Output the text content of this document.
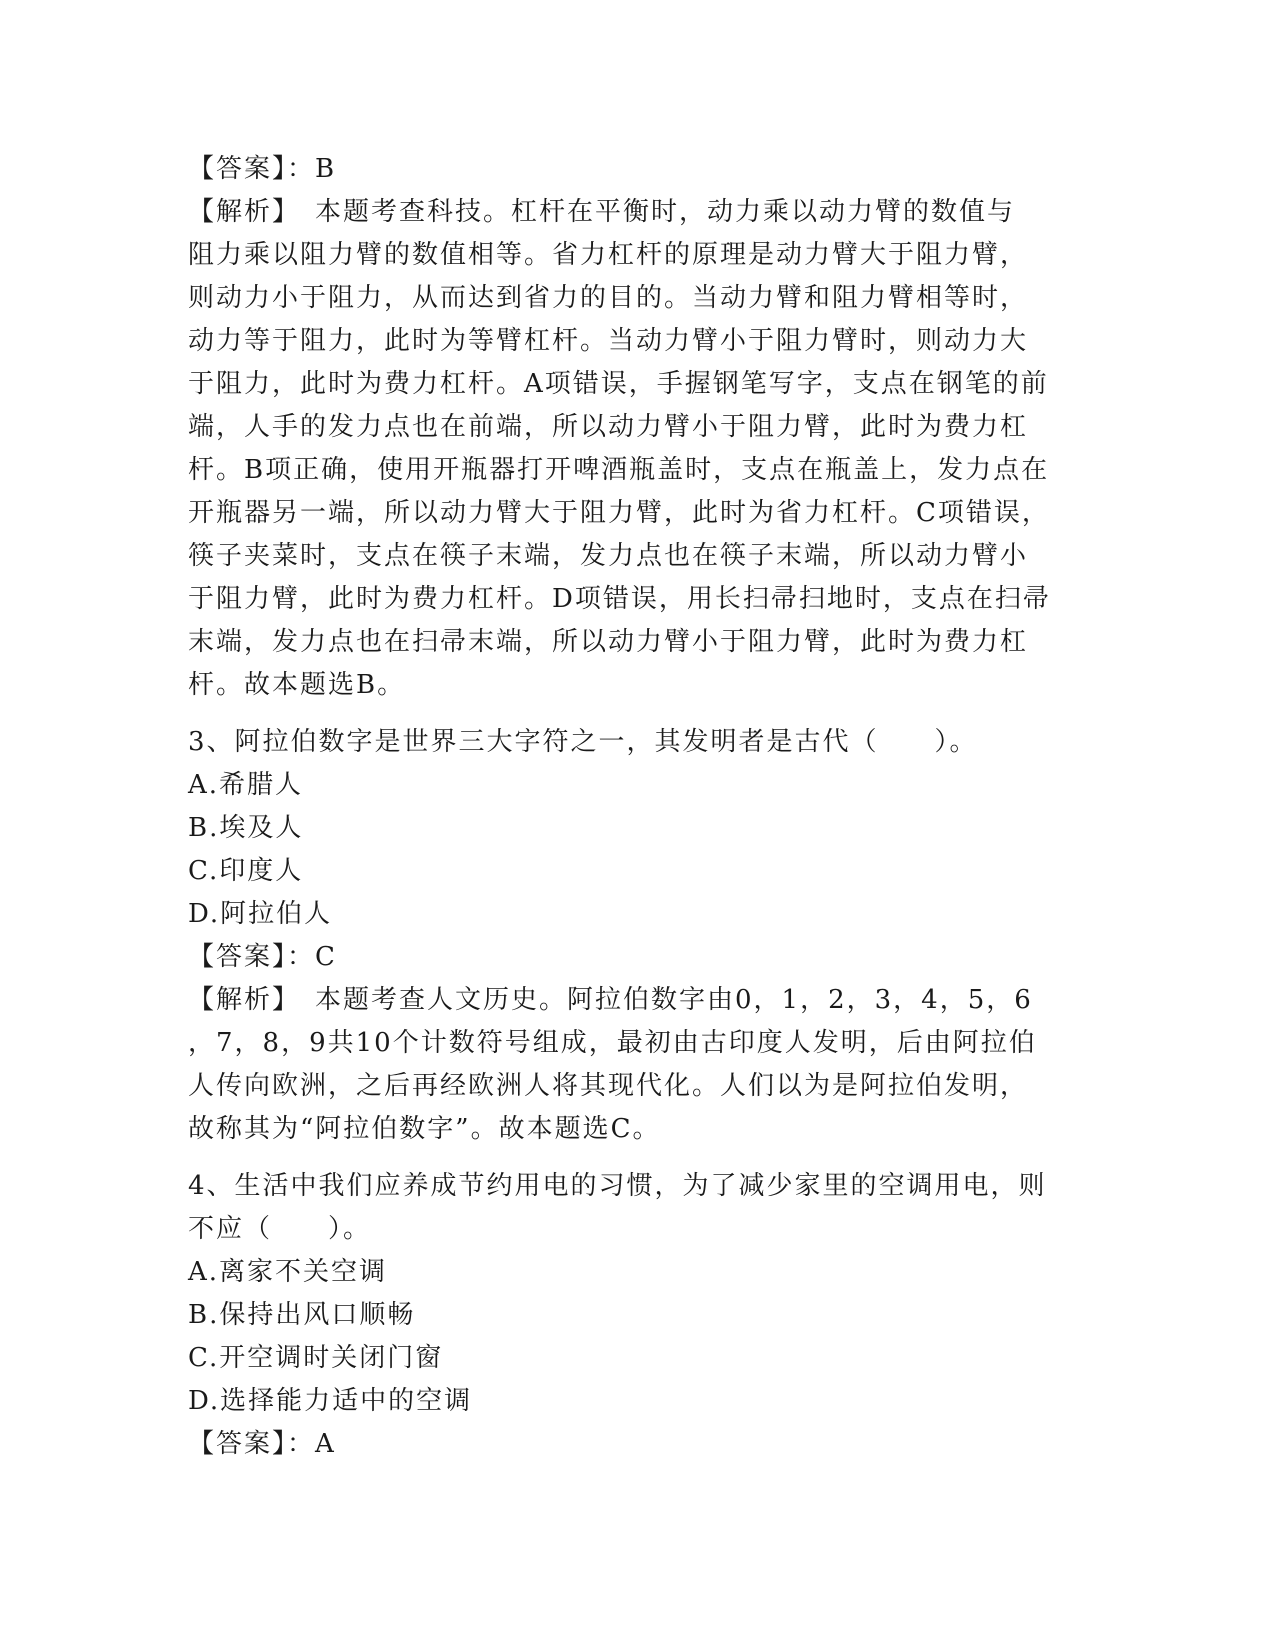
【答案】：B
【解析】　本题考查科技。杠杆在平衡时，动力乘以动力臂的数值与
阻力乘以阻力臂的数值相等。省力杠杆的原理是动力臂大于阻力臂，
则动力小于阻力，从而达到省力的目的。当动力臂和阻力臂相等时，
动力等于阻力，此时为等臂杠杆。当动力臂小于阻力臂时，则动力大
于阻力，此时为费力杠杆。A项错误，手握钢笔写字，支点在钢笔的前
端，人手的发力点也在前端，所以动力臂小于阻力臂，此时为费力杠
杆。B项正确，使用开瓶器打开啤酒瓶盖时，支点在瓶盖上，发力点在
开瓶器另一端，所以动力臂大于阻力臂，此时为省力杠杆。C项错误，
筷子夹菜时，支点在筷子末端，发力点也在筷子末端，所以动力臂小
于阻力臂，此时为费力杠杆。D项错误，用长扫帚扫地时，支点在扫帚
末端，发力点也在扫帚末端，所以动力臂小于阻力臂，此时为费力杠
杆。故本题选B。
3、阿拉伯数字是世界三大字符之一，其发明者是古代（　　）。
A.希腊人
B.埃及人
C.印度人
D.阿拉伯人
【答案】：C
【解析】　本题考查人文历史。阿拉伯数字由0，1，2，3，4，5，6
，7，8，9共10个计数符号组成，最初由古印度人发明，后由阿拉伯
人传向欧洲，之后再经欧洲人将其现代化。人们以为是阿拉伯发明，
故称其为“阿拉伯数字”。故本题选C。
4、生活中我们应养成节约用电的习惯，为了减少家里的空调用电，则
不应（　　）。
A.离家不关空调
B.保持出风口顺畅
C.开空调时关闭门窗
D.选择能力适中的空调
【答案】：A
